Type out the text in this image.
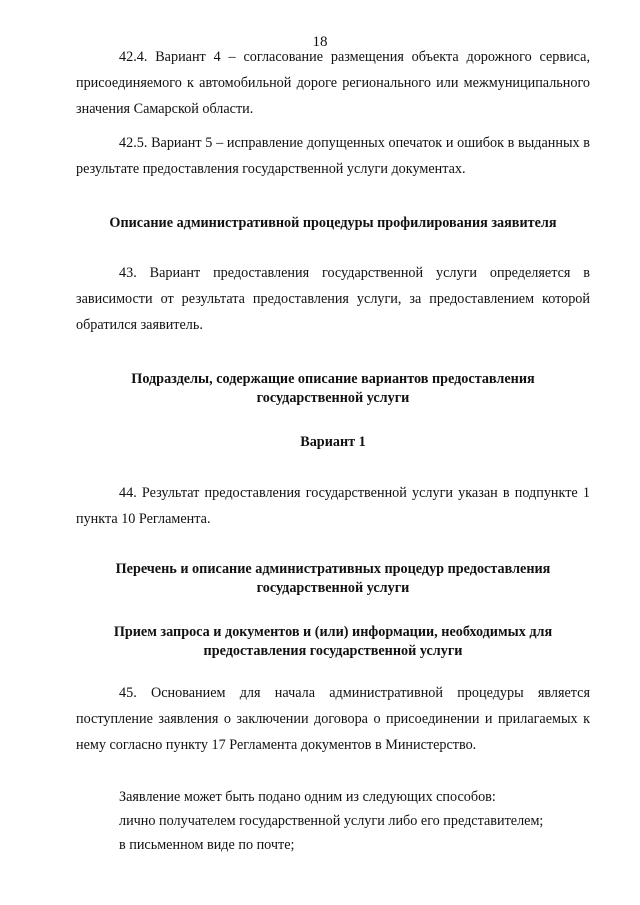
18

42.4. Вариант 4 – согласование размещения объекта дорожного сервиса, присоединяемого к автомобильной дороге регионального или межмуниципального значения Самарской области.

42.5. Вариант 5 – исправление допущенных опечаток и ошибок в выданных в результате предоставления государственной услуги документах.

Описание административной процедуры профилирования заявителя

43. Вариант предоставления государственной услуги определяется в зависимости от результата предоставления услуги, за предоставлением которой обратился заявитель.

Подразделы, содержащие описание вариантов предоставления государственной услуги
Вариант 1

44. Результат предоставления государственной услуги указан в подпункте 1 пункта 10 Регламента.

Перечень и описание административных процедур предоставления государственной услуги
Прием запроса и документов и (или) информации, необходимых для предоставления государственной услуги

45. Основанием для начала административной процедуры является поступление заявления о заключении договора о присоединении и прилагаемых к нему согласно пункту 17 Регламента документов в Министерство.

Заявление может быть подано одним из следующих способов:
лично получателем государственной услуги либо его представителем;
в письменном виде по почте;
